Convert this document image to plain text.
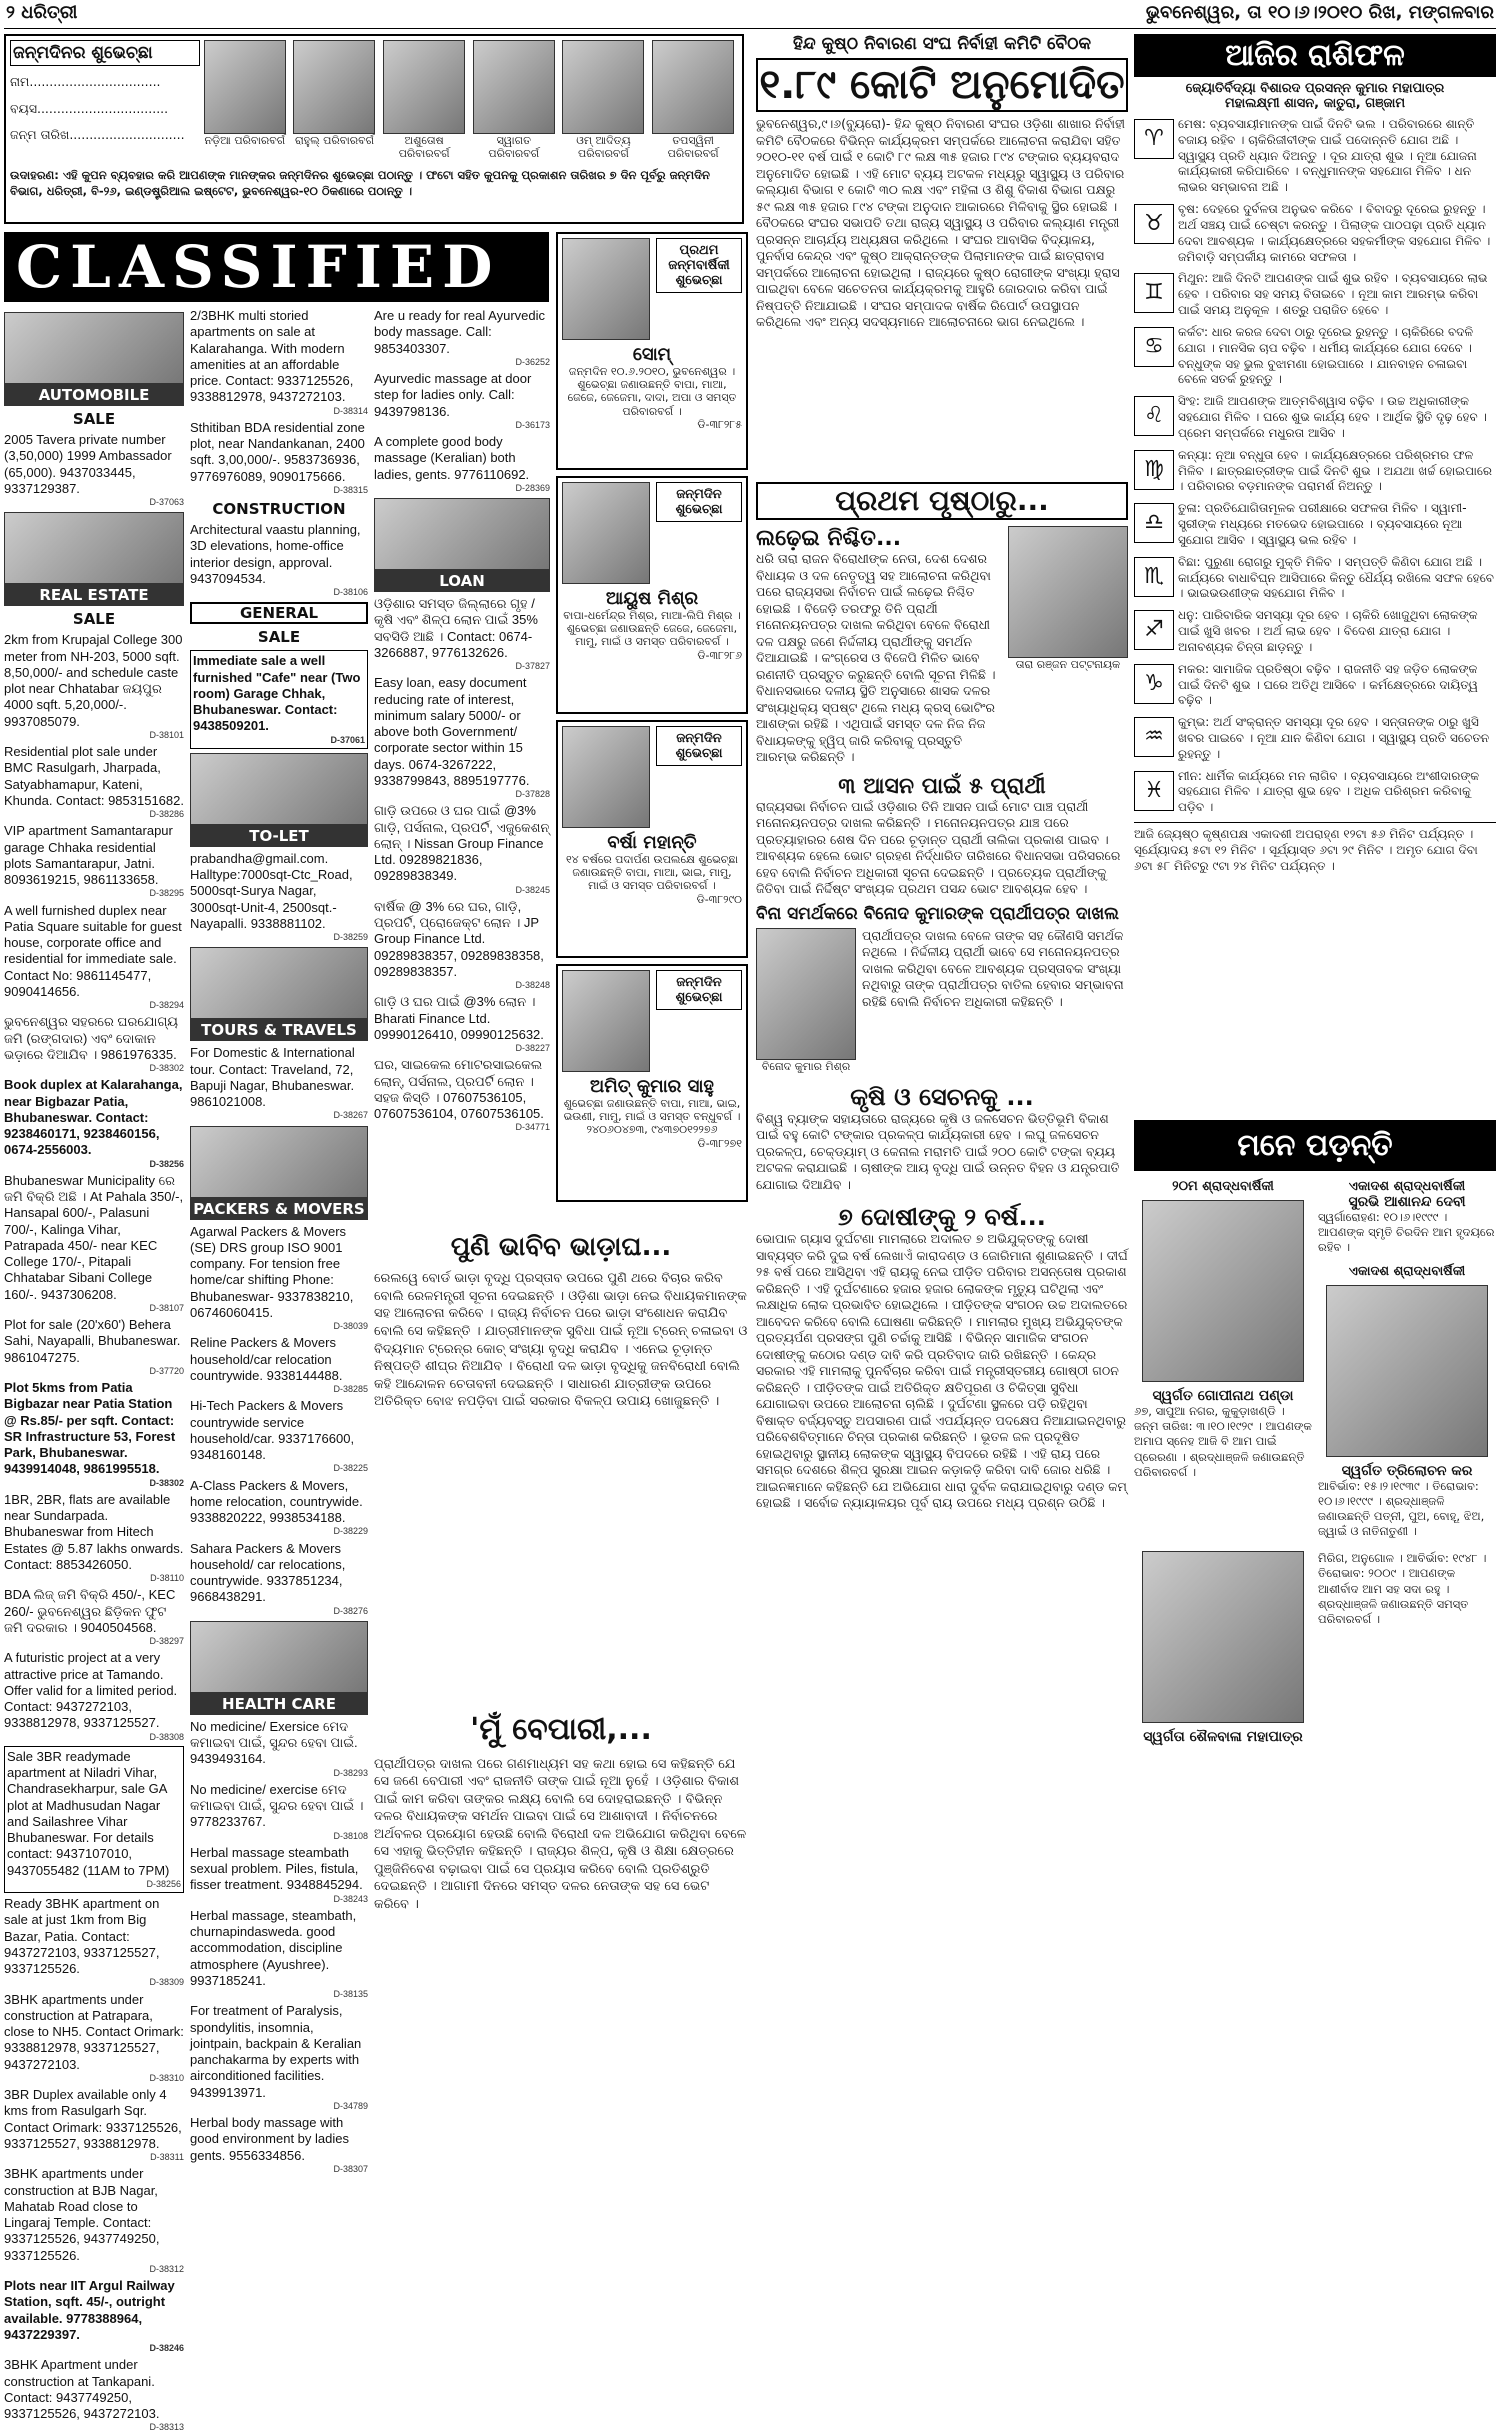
୨ ଧରିତ୍ରୀ	ଭୁବନେଶ୍ୱର, ତା ୧୦।୬।୨୦୧୦ ରିଖ, ମଙ୍ଗଳବାର
ଜନ୍ମଦିନର ଶୁଭେଚ୍ଛା
ନାମ.................................
ବୟସ.................................
ଜନ୍ମ ତାରିଖ.............................	ନଡ଼ିଆ ପରିବାରବର୍ଗ ରାହୁଲ୍ ପରିବାରବର୍ଗ	ଅଶୁତୋଷ ପରିବାରବର୍ଗ
ସ୍ୱାଗତ ପରିବାରବର୍ଗ
ଓମ୍ ଆଦିତ୍ୟ ପରିବାରବର୍ଗ
ତପସ୍ୱିନୀ ପରିବାରବର୍ଗ
ଉଦାହରଣ: ଏହି କୁପନ ବ୍ୟବହାର କରି ଆପଣଙ୍କ ମାନଙ୍କର ଜନ୍ମଦିନର ଶୁଭେଚ୍ଛା ପଠାନ୍ତୁ । ଫଟୋ ସହିତ କୁପନକୁ ପ୍ରକାଶନ ତାରିଖର ୭ ଦିନ ପୂର୍ବରୁ ଜନ୍ମଦିନ ବିଭାଗ, ଧରିତ୍ରୀ, ବି-୨୬, ଇଣ୍ଡଷ୍ଟ୍ରିଆଲ ଇଷ୍ଟେଟ, ଭୁବନେଶ୍ୱର-୧୦ ଠିକଣାରେ ପଠାନ୍ତୁ ।
CLASSIFIED
AUTOMOBILE
SALE
2005 Tavera private number (3,50,000) 1999 Ambassador (65,000). 9437033445, 9337129387.
D-37063
REAL ESTATE
SALE
2km from Krupajal College 300 meter from NH-203, 5000 sqft. 8,50,000/- and schedule caste plot near Chhatabar ଜୟପୁର 4000 sqft. 5,20,000/-. 9937085079.
D-38101
Residential plot sale under BMC Rasulgarh, Jharpada, Satyabhamapur, Kateni, Khunda. Contact: 9853151682.
D-38286
VIP apartment Samantarapur garage Chhaka residential plots Samantarapur, Jatni. 8093619215, 9861133658.
D-38295
A well furnished duplex near Patia Square suitable for guest house, corporate office and residential for immediate sale. Contact No: 9861145477, 9090414656.
D-38294
ଭୁବନେଶ୍ୱର ସହରରେ ଘରଯୋଗ୍ୟ ଜମି (ରଙ୍ଗଦାର) ଏବଂ ଦୋକାନ ଭଡ଼ାରେ ଦିଆଯିବ । 9861976335.
D-38302
Book duplex at Kalarahanga, near Bigbazar Patia, Bhubaneswar. Contact: 9238460171, 9238460156, 0674-2556003.
D-38256
Bhubaneswar Municipality ରେ ଜମି ବିକ୍ରି ଅଛି । At Pahala 350/-, Hansapal 600/-, Palasuni 700/-, Kalinga Vihar, Patrapada 450/- near KEC College 170/-, Pitapali Chhatabar Sibani College 160/-. 9437306208.
D-38107
Plot for sale (20'x60') Behera Sahi, Nayapalli, Bhubaneswar. 9861047275.
D-37720
Plot 5kms from Patia Bigbazar near Patia Station @ Rs.85/- per sqft. Contact: SR Infrastructure 53, Forest Park, Bhubaneswar. 9439914048, 9861995518.
D-38302
1BR, 2BR, flats are available near Sundarpada. Bhubaneswar from Hitech Estates @ 5.87 lakhs onwards. Contact: 8853426050.
D-38110
BDA ଲିଜ୍ ଜମି ବିକ୍ରି 450/-, KEC 260/- ଭୁବନେଶ୍ୱର ଛିଡ଼ିକନ ଫୁଟ ଜମି ଦରକାର । 9040504568.
D-38297
A futuristic project at a very attractive price at Tamando. Offer valid for a limited period. Contact: 9437272103, 9338812978, 9337125527.
D-38308
Sale 3BR readymade apartment at Niladri Vihar, Chandrasekharpur, sale GA plot at Madhusudan Nagar and Sailashree Vihar Bhubaneswar. For details contact: 9437107010, 9437055482 (11AM to 7PM)
D-38256
Ready 3BHK apartment on sale at just 1km from Big Bazar, Patia. Contact: 9437272103, 9337125527, 9337125526.
D-38309
3BHK apartments under construction at Patrapara, close to NH5. Contact Orimark: 9338812978, 9337125527, 9437272103.
D-38310
3BR Duplex available only 4 kms from Rasulgarh Sqr. Contact Orimark: 9337125526, 9337125527, 9338812978.
D-38311
3BHK apartments under construction at BJB Nagar, Mahatab Road close to Lingaraj Temple. Contact: 9337125526, 9437749250, 9337125526.
D-38312
Plots near IIT Argul Railway Station, sqft. 45/-, outright available. 9778388964, 9437229397.
D-38246
3BHK Apartment under construction at Tankapani. Contact: 9437749250, 9337125526, 9437272103.
D-38313
2/3BHK multi storied apartments on sale at Kalarahanga. With modern amenities at an affordable price. Contact: 9337125526, 9338812978, 9437272103.
D-38314
Sthitiban BDA residential zone plot, near Nandankanan, 2400 sqft. 3,00,000/-. 9583736936, 9776976089, 9090175666.
D-38315
CONSTRUCTION
Architectural vaastu planning, 3D elevations, home-office interior design, approval. 9437094534.
D-38106
GENERAL
SALE
Immediate sale a well furnished "Cafe" near (Two room) Garage Chhak, Bhubaneswar. Contact: 9438509201.
D-37061
TO-LET
prabandha@gmail.com. Halltype:7000sqt-Ctc_Road, 5000sqt-Surya Nagar, 3000sqt-Unit-4, 2500sqt.- Nayapalli. 9338881102.
D-38259
TOURS & TRAVELS
For Domestic & International tour. Contact: Traveland, 72, Bapuji Nagar, Bhubaneswar. 9861021008.
D-38267
PACKERS & MOVERS
Agarwal Packers & Movers (SE) DRS group ISO 9001 company. For tension free home/car shifting Phone: Bhubaneswar- 9337838210, 06746060415.
D-38039
Reline Packers & Movers household/car relocation countrywide. 9338144488.
D-38285
Hi-Tech Packers & Movers countrywide service household/car. 9337176600, 9348160148.
D-38225
A-Class Packers & Movers, home relocation, countrywide. 9338820222, 9938534188.
D-38229
Sahara Packers & Movers household/ car relocations, countrywide. 9337851234, 9668438291.
D-38276
HEALTH CARE
No medicine/ Exersice ମେଦ କମାଇବା ପାଇଁ, ସୁନ୍ଦର ହେବା ପାଇଁ. 9439493164.
D-38293
No medicine/ exercise ମେଦ କମାଇବା ପାଇଁ, ସୁନ୍ଦର ହେବା ପାଇଁ । 9778233767.
D-38108
Herbal massage steambath sexual problem. Piles, fistula, fisser treatment. 9348845294.
D-38243
Herbal massage, steambath, churnapindaswedа. good accommodation, discipline atmosphere (Ayushree). 9937185241.
D-38135
For treatment of Paralysis, spondylitis, insomnia, jointpain, backpain & Keralian panchakarma by experts with airconditioned facilities. 9439913971.
D-34789
Herbal body massage with good environment by ladies gents. 9556334856.
D-38307
Are u ready for real Ayurvedic body massage. Call: 9853403307.
D-36252
Ayurvedic massage at door step for ladies only. Call: 9439798136.
D-36173
A complete good body massage (Keralian) both ladies, gents. 9776110692.
D-28369
LOAN
ଓଡ଼ିଶାର ସମସ୍ତ ଜିଲ୍ଲାରେ ଗୃହ / କୃଷି ଏବଂ ଶିଳ୍ପ ଲୋନ ପାଇଁ 35% ସବସିଡି ଆଛି । Contact: 0674-3266887, 9776132626.
D-37827
Easy loan, easy document reducing rate of interest, minimum salary 5000/- or above both Government/ corporate sector within 15 days. 0674-3267222, 9338799843, 8895197776.
D-37828
ଗାଡ଼ି ଉପରେ ଓ ଘର ପାଇଁ @3% ଗାଡ଼ି, ପର୍ସନାଲ, ପ୍ରପର୍ଟି, ଏଜୁକେଶନ୍ ଲୋନ୍ । Nissan Group Finance Ltd. 09289821836, 09289838349.
D-38245
ବାର୍ଷିକ @ 3% ରେ ଘର, ଗାଡ଼ି, ପ୍ରପର୍ଟି, ପ୍ରୋଜେକ୍ଟ ଲୋନ । JP Group Finance Ltd. 09289838357, 09289838358, 09289838357.
D-38248
ଗାଡ଼ି ଓ ଘର ପାଇଁ @3% ଲୋନ । Bharati Finance Ltd. 09990126410, 09990125632.
D-38227
ଘର, ସାଇକେଲ ମୋଟରସାଇକେଲ ଲୋନ୍, ପର୍ସନାଲ, ପ୍ରପର୍ଟି ଲୋନ । ସହଜ କିସ୍ତି । 07607536105, 07607536104, 07607536105.
D-34771
ପ୍ରଥମ ଜନ୍ମବାର୍ଷିକୀ ଶୁଭେଚ୍ଛା
ସୋମ୍
ଜନ୍ମଦିନ ୧୦.୬.୨୦୧୦, ଭୁବନେଶ୍ୱର । ଶୁଭେଚ୍ଛା ଜଣାଉଛନ୍ତି ବାପା, ମାଆ, ଜେଜେ, ଜେଜେମା, ଦାଦା, ଅପା ଓ ସମସ୍ତ ପରିବାରବର୍ଗ ।
ଡି-୩୮୨୮୫
ଜନ୍ମଦିନ ଶୁଭେଚ୍ଛା
ଆୟୁଷ ମିଶ୍ର
ବାପା-ଧର୍ମେନ୍ଦ୍ର ମିଶ୍ର, ମାଆ-ଲିପି ମିଶ୍ର । ଶୁଭେଚ୍ଛା ଜଣାଉଛନ୍ତି ଜେଜେ, ଜେଜେମା, ମାମୁ, ମାଇଁ ଓ ସମସ୍ତ ପରିବାରବର୍ଗ ।
ଡି-୩୮୨୮୬
ଜନ୍ମଦିନ ଶୁଭେଚ୍ଛା
ବର୍ଷା ମହାନ୍ତି
୧୪ ବର୍ଷରେ ପଦାର୍ପଣ ଉପଲକ୍ଷେ ଶୁଭେଚ୍ଛା ଜଣାଉଛନ୍ତି ବାପା, ମାଆ, ଭାଇ, ମାମୁ, ମାଇଁ ଓ ସମସ୍ତ ପରିବାରବର୍ଗ ।
ଡି-୩୮୨୯୦
ଜନ୍ମଦିନ ଶୁଭେଚ୍ଛା
ଅମିତ୍ କୁମାର ସାହୁ
ଶୁଭେଚ୍ଛା ଜଣାଉଛନ୍ତି ବାପା, ମାଆ, ଭାଇ, ଭଉଣୀ, ମାମୁ, ମାଇଁ ଓ ସମସ୍ତ ବନ୍ଧୁବର୍ଗ । ୨୪୦୬୦୪୭୩, ୯୪୩୭୦୧୨୨୭୬
ଡି-୩୮୨୭୧
ପୁଣି ଭାବିବ ଭାଡ଼ାଘ...
ରେଲୱେ ବୋର୍ଡ ଭାଡ଼ା ବୃଦ୍ଧି ପ୍ରସ୍ତାବ ଉପରେ ପୁଣି ଥରେ ବିଚାର କରିବ ବୋଲି ରେଳମନ୍ତ୍ରୀ ସୂଚନା ଦେଇଛନ୍ତି । ଓଡ଼ିଶା ଭାଡ଼ା ନେଇ ବିଧାୟକମାନଙ୍କ ସହ ଆଲୋଚନା କରିବେ । ରାଜ୍ୟ ନିର୍ବାଚନ ପରେ ଭାଡ଼ା ସଂଶୋଧନ କରାଯିବ ବୋଲି ସେ କହିଛନ୍ତି । ଯାତ୍ରୀମାନଙ୍କ ସୁବିଧା ପାଇଁ ନୂଆ ଟ୍ରେନ୍ ଚଳାଇବା ଓ ବିଦ୍ୟମାନ ଟ୍ରେନ୍‌ର କୋଚ୍ ସଂଖ୍ୟା ବୃଦ୍ଧି କରାଯିବ । ଏନେଇ ଚୂଡ଼ାନ୍ତ ନିଷ୍ପତ୍ତି ଶୀଘ୍ର ନିଆଯିବ । ବିରୋଧୀ ଦଳ ଭାଡ଼ା ବୃଦ୍ଧିକୁ ଜନବିରୋଧୀ ବୋଲି କହି ଆନ୍ଦୋଳନ ଚେତାବନୀ ଦେଇଛନ୍ତି । ସାଧାରଣ ଯାତ୍ରୀଙ୍କ ଉପରେ ଅତିରିକ୍ତ ବୋଝ ନପଡ଼ିବା ପାଇଁ ସରକାର ବିକଳ୍ପ ଉପାୟ ଖୋଜୁଛନ୍ତି ।
'ମୁଁ ବେପାରୀ,...
ପ୍ରାର୍ଥୀପତ୍ର ଦାଖଲ ପରେ ଗଣମାଧ୍ୟମ ସହ କଥା ହୋଇ ସେ କହିଛନ୍ତି ଯେ ସେ ଜଣେ ବେପାରୀ ଏବଂ ରାଜନୀତି ତାଙ୍କ ପାଇଁ ନୂଆ ନୁହେଁ । ଓଡ଼ିଶାର ବିକାଶ ପାଇଁ କାମ କରିବା ତାଙ୍କର ଲକ୍ଷ୍ୟ ବୋଲି ସେ ଦୋହରାଇଛନ୍ତି । ବିଭିନ୍ନ ଦଳର ବିଧାୟକଙ୍କ ସମର୍ଥନ ପାଇବା ପାଇଁ ସେ ଆଶାବାଦୀ । ନିର୍ବାଚନରେ ଅର୍ଥବଳର ପ୍ରୟୋଗ ହେଉଛି ବୋଲି ବିରୋଧୀ ଦଳ ଅଭିଯୋଗ କରିଥିବା ବେଳେ ସେ ଏହାକୁ ଭିତ୍ତିହୀନ କହିଛନ୍ତି । ରାଜ୍ୟର ଶିଳ୍ପ, କୃଷି ଓ ଶିକ୍ଷା କ୍ଷେତ୍ରରେ ପୁଞ୍ଜିନିବେଶ ବଢ଼ାଇବା ପାଇଁ ସେ ପ୍ରୟାସ କରିବେ ବୋଲି ପ୍ରତିଶ୍ରୁତି ଦେଇଛନ୍ତି । ଆଗାମୀ ଦିନରେ ସମସ୍ତ ଦଳର ନେତାଙ୍କ ସହ ସେ ଭେଟ କରିବେ ।
ହିନ୍ଦ କୁଷ୍ଠ ନିବାରଣ ସଂଘ ନିର୍ବାହୀ କମିଟି ବୈଠକ
୧.୮୯ କୋଟି ଅନୁମୋଦିତ
ଭୁବନେଶ୍ୱର,୯।୬(ବ୍ୟୁରୋ)- ହିନ୍ଦ କୁଷ୍ଠ ନିବାରଣ ସଂଘର ଓଡ଼ିଶା ଶାଖାର ନିର୍ବାହୀ କମିଟି ବୈଠକରେ ବିଭିନ୍ନ କାର୍ଯ୍ୟକ୍ରମ ସମ୍ପର୍କରେ ଆଲୋଚନା କରାଯିବା ସହିତ ୨୦୧୦-୧୧ ବର୍ଷ ପାଇଁ ୧ କୋଟି ୮୯ ଲକ୍ଷ ୩୫ ହଜାର ୮୯୪ ଟଙ୍କାର ବ୍ୟୟବରାଦ ଅନୁମୋଦିତ ହୋଇଛି । ଏହି ମୋଟ ବ୍ୟୟ ଅଟକଳ ମଧ୍ୟରୁ ସ୍ୱାସ୍ଥ୍ୟ ଓ ପରିବାର କଲ୍ୟାଣ ବିଭାଗ ୧ କୋଟି ୩୦ ଲକ୍ଷ ଏବଂ ମହିଳା ଓ ଶିଶୁ ବିକାଶ ବିଭାଗ ପକ୍ଷରୁ ୫୯ ଲକ୍ଷ ୩୫ ହଜାର ୮୯୪ ଟଙ୍କା ଅନୁଦାନ ଆକାରରେ ମିଳିବାକୁ ସ୍ଥିର ହୋଇଛି । ବୈଠକରେ ସଂଘର ସଭାପତି ତଥା ରାଜ୍ୟ ସ୍ୱାସ୍ଥ୍ୟ ଓ ପରିବାର କଲ୍ୟାଣ ମନ୍ତ୍ରୀ ପ୍ରସନ୍ନ ଆଚାର୍ଯ୍ୟ ଅଧ୍ୟକ୍ଷତା କରିଥିଲେ । ସଂଘର ଆବାସିକ ବିଦ୍ୟାଳୟ, ପୁନର୍ବାସ କେନ୍ଦ୍ର ଏବଂ କୁଷ୍ଠ ଆକ୍ରାନ୍ତଙ୍କ ପିଲାମାନଙ୍କ ପାଇଁ ଛାତ୍ରାବାସ ସମ୍ପର୍କରେ ଆଲୋଚନା ହୋଇଥିଲା । ରାଜ୍ୟରେ କୁଷ୍ଠ ରୋଗୀଙ୍କ ସଂଖ୍ୟା ହ୍ରାସ ପାଇଥିବା ବେଳେ ସଚେତନତା କାର୍ଯ୍ୟକ୍ରମକୁ ଆହୁରି ଜୋରଦାର କରିବା ପାଇଁ ନିଷ୍ପତ୍ତି ନିଆଯାଇଛି । ସଂଘର ସମ୍ପାଦକ ବାର୍ଷିକ ରିପୋର୍ଟ ଉପସ୍ଥାପନ କରିଥିଲେ ଏବଂ ଅନ୍ୟ ସଦସ୍ୟମାନେ ଆଲୋଚନାରେ ଭାଗ ନେଇଥିଲେ ।
ପ୍ରଥମ ପୃଷ୍ଠାରୁ...
ଲଢ଼େଇ ନିଶ୍ଚିତ...
ଧରି ତାରା ରାଜନ ବିରୋଧୀଙ୍କ ନେତା, ଦେଶ ଦେଶର ବିଧାୟକ ଓ ଦଳ ନେତୃତ୍ୱ ସହ ଆଲୋଚନା କରିଥିବା ପରେ ରାଜ୍ୟସଭା ନିର୍ବାଚନ ପାଇଁ ଲଢ଼େଇ ନିଶ୍ଚିତ ହୋଇଛି । ବିଜେଡ଼ି ତରଫରୁ ତିନି ପ୍ରାର୍ଥୀ ମନୋନୟନପତ୍ର ଦାଖଲ କରିଥିବା ବେଳେ ବିରୋଧୀ ଦଳ ପକ୍ଷରୁ ଜଣେ ନିର୍ଦ୍ଦଳୀୟ ପ୍ରାର୍ଥୀଙ୍କୁ ସମର୍ଥନ ଦିଆଯାଇଛି । କଂଗ୍ରେସ ଓ ବିଜେପି ମିଳିତ ଭାବେ ରଣନୀତି ପ୍ରସ୍ତୁତ କରୁଛନ୍ତି ବୋଲି ସୂଚନା ମିଳିଛି । ବିଧାନସଭାରେ ଦଳୀୟ ସ୍ଥିତି ଅନୁସାରେ ଶାସକ ଦଳର ସଂଖ୍ୟାଧିକ୍ୟ ସ୍ପଷ୍ଟ ଥିଲେ ମଧ୍ୟ କ୍ରସ୍ ଭୋଟିଂର ଆଶଙ୍କା ରହିଛି । ଏଥିପାଇଁ ସମସ୍ତ ଦଳ ନିଜ ନିଜ ବିଧାୟକଙ୍କୁ ହ୍ୱିପ୍ ଜାରି କରିବାକୁ ପ୍ରସ୍ତୁତି ଆରମ୍ଭ କରିଛନ୍ତି ।
ତାରା ରଞ୍ଜନ ପଟ୍ଟନାୟକ
୩ ଆସନ ପାଇଁ ୫ ପ୍ରାର୍ଥୀ
ରାଜ୍ୟସଭା ନିର୍ବାଚନ ପାଇଁ ଓଡ଼ିଶାର ତିନି ଆସନ ପାଇଁ ମୋଟ ପାଞ୍ଚ ପ୍ରାର୍ଥୀ ମନୋନୟନପତ୍ର ଦାଖଲ କରିଛନ୍ତି । ମନୋନୟନପତ୍ର ଯାଞ୍ଚ ପରେ ପ୍ରତ୍ୟାହାରର ଶେଷ ଦିନ ପରେ ଚୂଡ଼ାନ୍ତ ପ୍ରାର୍ଥୀ ତାଲିକା ପ୍ରକାଶ ପାଇବ । ଆବଶ୍ୟକ ହେଲେ ଭୋଟ ଗ୍ରହଣ ନିର୍ଦ୍ଧାରିତ ତାରିଖରେ ବିଧାନସଭା ପରିସରରେ ହେବ ବୋଲି ନିର୍ବାଚନ ଅଧିକାରୀ ସୂଚନା ଦେଇଛନ୍ତି । ପ୍ରତ୍ୟେକ ପ୍ରାର୍ଥୀଙ୍କୁ ଜିତିବା ପାଇଁ ନିର୍ଦ୍ଦିଷ୍ଟ ସଂଖ୍ୟକ ପ୍ରଥମ ପସନ୍ଦ ଭୋଟ ଆବଶ୍ୟକ ହେବ ।
ବିନା ସମର୍ଥକରେ ବିନୋଦ କୁମାରଙ୍କ ପ୍ରାର୍ଥୀପତ୍ର ଦାଖଲ
ବିନୋଦ କୁମାର ମିଶ୍ର
ପ୍ରାର୍ଥୀପତ୍ର ଦାଖଲ ବେଳେ ତାଙ୍କ ସହ କୌଣସି ସମର୍ଥକ ନଥିଲେ । ନିର୍ଦ୍ଦଳୀୟ ପ୍ରାର୍ଥୀ ଭାବେ ସେ ମନୋନୟନପତ୍ର ଦାଖଲ କରିଥିବା ବେଳେ ଆବଶ୍ୟକ ପ୍ରସ୍ତାବକ ସଂଖ୍ୟା ନଥିବାରୁ ତାଙ୍କ ପ୍ରାର୍ଥୀପତ୍ର ବାତିଲ ହେବାର ସମ୍ଭାବନା ରହିଛି ବୋଲି ନିର୍ବାଚନ ଅଧିକାରୀ କହିଛନ୍ତି ।
କୃଷି ଓ ସେଚନକୁ ...
ବିଶ୍ୱ ବ୍ୟାଙ୍କ ସହାୟତାରେ ରାଜ୍ୟରେ କୃଷି ଓ ଜଳସେଚନ ଭିତ୍ତିଭୂମି ବିକାଶ ପାଇଁ ବହୁ କୋଟି ଟଙ୍କାର ପ୍ରକଳ୍ପ କାର୍ଯ୍ୟକାରୀ ହେବ । ଲଘୁ ଜଳସେଚନ ପ୍ରକଳ୍ପ, ଚେକ୍‌ଡ୍ୟାମ୍ ଓ କେନାଲ ମରାମତି ପାଇଁ ୨୦୦ କୋଟି ଟଙ୍କା ବ୍ୟୟ ଅଟକଳ କରାଯାଇଛି । ଚାଷୀଙ୍କ ଆୟ ବୃଦ୍ଧି ପାଇଁ ଉନ୍ନତ ବିହନ ଓ ଯନ୍ତ୍ରପାତି ଯୋଗାଇ ଦିଆଯିବ ।
୭ ଦୋଷୀଙ୍କୁ ୨ ବର୍ଷ...
ଭୋପାଳ ଗ୍ୟାସ ଦୁର୍ଘଟଣା ମାମଲାରେ ଅଦାଲତ ୭ ଅଭିଯୁକ୍ତଙ୍କୁ ଦୋଷୀ ସାବ୍ୟସ୍ତ କରି ଦୁଇ ବର୍ଷ ଲେଖାଏଁ କାରାଦଣ୍ଡ ଓ ଜୋରିମାନା ଶୁଣାଇଛନ୍ତି । ଦୀର୍ଘ ୨୫ ବର୍ଷ ପରେ ଆସିଥିବା ଏହି ରାୟକୁ ନେଇ ପୀଡ଼ିତ ପରିବାର ଅସନ୍ତୋଷ ପ୍ରକାଶ କରିଛନ୍ତି । ଏହି ଦୁର୍ଘଟଣାରେ ହଜାର ହଜାର ଲୋକଙ୍କ ମୃତ୍ୟୁ ଘଟିଥିଲା ଏବଂ ଲକ୍ଷାଧିକ ଲୋକ ପ୍ରଭାବିତ ହୋଇଥିଲେ । ପୀଡ଼ିତଙ୍କ ସଂଗଠନ ଉଚ୍ଚ ଅଦାଲତରେ ଆବେଦନ କରିବେ ବୋଲି ଘୋଷଣା କରିଛନ୍ତି । ମାମଲାର ମୁଖ୍ୟ ଅଭିଯୁକ୍ତଙ୍କ ପ୍ରତ୍ୟର୍ପଣ ପ୍ରସଙ୍ଗ ପୁଣି ଚର୍ଚ୍ଚାକୁ ଆସିଛି । ବିଭିନ୍ନ ସାମାଜିକ ସଂଗଠନ ଦୋଷୀଙ୍କୁ କଠୋର ଦଣ୍ଡ ଦାବି କରି ପ୍ରତିବାଦ ଜାରି ରଖିଛନ୍ତି । କେନ୍ଦ୍ର ସରକାର ଏହି ମାମଲାକୁ ପୁନର୍ବିଚାର କରିବା ପାଇଁ ମନ୍ତ୍ରୀସ୍ତରୀୟ ଗୋଷ୍ଠୀ ଗଠନ କରିଛନ୍ତି । ପୀଡ଼ିତଙ୍କ ପାଇଁ ଅତିରିକ୍ତ କ୍ଷତିପୂରଣ ଓ ଚିକିତ୍ସା ସୁବିଧା ଯୋଗାଇବା ଉପରେ ଆଲୋଚନା ଚାଲିଛି । ଦୁର୍ଘଟଣା ସ୍ଥଳରେ ପଡ଼ି ରହିଥିବା ବିଷାକ୍ତ ବର୍ଜ୍ୟବସ୍ତୁ ଅପସାରଣ ପାଇଁ ଏପର୍ଯ୍ୟନ୍ତ ପଦକ୍ଷେପ ନିଆଯାଇନଥିବାରୁ ପରିବେଶବିତ୍‌ମାନେ ଚିନ୍ତା ପ୍ରକାଶ କରିଛନ୍ତି । ଭୂତଳ ଜଳ ପ୍ରଦୂଷିତ ହୋଇଥିବାରୁ ସ୍ଥାନୀୟ ଲୋକଙ୍କ ସ୍ୱାସ୍ଥ୍ୟ ବିପଦରେ ରହିଛି । ଏହି ରାୟ ପରେ ସମଗ୍ର ଦେଶରେ ଶିଳ୍ପ ସୁରକ୍ଷା ଆଇନ କଡ଼ାକଡ଼ି କରିବା ଦାବି ଜୋର ଧରିଛି । ଆଇନଜ୍ଞମାନେ କହିଛନ୍ତି ଯେ ଅଭିଯୋଗ ଧାରା ଦୁର୍ବଳ କରାଯାଇଥିବାରୁ ଦଣ୍ଡ କମ୍ ହୋଇଛି । ସର୍ବୋଚ୍ଚ ନ୍ୟାୟାଳୟର ପୂର୍ବ ରାୟ ଉପରେ ମଧ୍ୟ ପ୍ରଶ୍ନ ଉଠିଛି ।
ଆଜିର ରାଶିଫଳ
ଜ୍ୟୋତିର୍ବିଦ୍ୟା ବିଶାରଦ ପ୍ରସନ୍ନ କୁମାର ମହାପାତ୍ର
ମହାଲକ୍ଷ୍ମୀ ଶାସନ, କାତୁରା, ଗଞ୍ଜାମ
♈
ମେଷ: ବ୍ୟବସାୟୀମାନଙ୍କ ପାଇଁ ଦିନଟି ଭଲ । ପରିବାରରେ ଶାନ୍ତି ବଜାୟ ରହିବ । ଚାକିରିଜୀବୀଙ୍କ ପାଇଁ ପଦୋନ୍ନତି ଯୋଗ ଅଛି । ସ୍ୱାସ୍ଥ୍ୟ ପ୍ରତି ଧ୍ୟାନ ଦିଅନ୍ତୁ । ଦୂର ଯାତ୍ରା ଶୁଭ । ନୂଆ ଯୋଜନା କାର୍ଯ୍ୟକାରୀ କରିପାରିବେ । ବନ୍ଧୁମାନଙ୍କ ସହଯୋଗ ମିଳିବ । ଧନ ଲାଭର ସମ୍ଭାବନା ଅଛି ।
♉
ବୃଷ: ଦେହରେ ଦୁର୍ବଳତା ଅନୁଭବ କରିବେ । ବିବାଦରୁ ଦୂରେଇ ରୁହନ୍ତୁ । ଅର୍ଥ ସଞ୍ଚୟ ପାଇଁ ଚେଷ୍ଟା କରନ୍ତୁ । ପିଲାଙ୍କ ପାଠପଢ଼ା ପ୍ରତି ଧ୍ୟାନ ଦେବା ଆବଶ୍ୟକ । କାର୍ଯ୍ୟକ୍ଷେତ୍ରରେ ସହକର୍ମୀଙ୍କ ସହଯୋଗ ମିଳିବ । ଜମିବାଡ଼ି ସମ୍ପର୍କୀୟ କାମରେ ସଫଳତା ।
♊
ମିଥୁନ: ଆଜି ଦିନଟି ଆପଣଙ୍କ ପାଇଁ ଶୁଭ ରହିବ । ବ୍ୟବସାୟରେ ଲାଭ ହେବ । ପରିବାର ସହ ସମୟ ବିତାଇବେ । ନୂଆ କାମ ଆରମ୍ଭ କରିବା ପାଇଁ ସମୟ ଅନୁକୂଳ । ଶତ୍ରୁ ପରାଜିତ ହେବେ ।
♋
କର୍କଟ: ଧାର କରଜ ଦେବା ଠାରୁ ଦୂରେଇ ରୁହନ୍ତୁ । ଚାକିରିରେ ବଦଳି ଯୋଗ । ମାନସିକ ଚାପ ବଢ଼ିବ । ଧର୍ମୀୟ କାର୍ଯ୍ୟରେ ଯୋଗ ଦେବେ । ବନ୍ଧୁଙ୍କ ସହ ଭୁଲ ବୁଝାମଣା ହୋଇପାରେ । ଯାନବାହନ ଚଳାଇବା ବେଳେ ସତର୍କ ରୁହନ୍ତୁ ।
♌
ସିଂହ: ଆଜି ଆପଣଙ୍କ ଆତ୍ମବିଶ୍ୱାସ ବଢ଼ିବ । ଉଚ୍ଚ ଅଧିକାରୀଙ୍କ ସହଯୋଗ ମିଳିବ । ଘରେ ଶୁଭ କାର୍ଯ୍ୟ ହେବ । ଆର୍ଥିକ ସ୍ଥିତି ଦୃଢ଼ ହେବ । ପ୍ରେମ ସମ୍ପର୍କରେ ମଧୁରତା ଆସିବ ।
♍
କନ୍ୟା: ନୂଆ ବନ୍ଧୁତା ହେବ । କାର୍ଯ୍ୟକ୍ଷେତ୍ରରେ ପରିଶ୍ରମର ଫଳ ମିଳିବ । ଛାତ୍ରଛାତ୍ରୀଙ୍କ ପାଇଁ ଦିନଟି ଶୁଭ । ଅଯଥା ଖର୍ଚ୍ଚ ହୋଇପାରେ । ପରିବାରର ବଡ଼ମାନଙ୍କ ପରାମର୍ଶ ନିଅନ୍ତୁ ।
♎
ତୁଳା: ପ୍ରତିଯୋଗିତାମୂଳକ ପରୀକ୍ଷାରେ ସଫଳତା ମିଳିବ । ସ୍ୱାମୀ-ସ୍ତ୍ରୀଙ୍କ ମଧ୍ୟରେ ମତଭେଦ ହୋଇପାରେ । ବ୍ୟବସାୟରେ ନୂଆ ସୁଯୋଗ ଆସିବ । ସ୍ୱାସ୍ଥ୍ୟ ଭଲ ରହିବ ।
♏
ବିଛା: ପୁରୁଣା ରୋଗରୁ ମୁକ୍ତି ମିଳିବ । ସମ୍ପତ୍ତି କିଣିବା ଯୋଗ ଅଛି । କାର୍ଯ୍ୟରେ ବାଧାବିଘ୍ନ ଆସିପାରେ କିନ୍ତୁ ଧୈର୍ଯ୍ୟ ରଖିଲେ ସଫଳ ହେବେ । ଭାଇଭଉଣୀଙ୍କ ସହଯୋଗ ମିଳିବ ।
♐
ଧନୁ: ପାରିବାରିକ ସମସ୍ୟା ଦୂର ହେବ । ଚାକିରି ଖୋଜୁଥିବା ଲୋକଙ୍କ ପାଇଁ ଖୁସି ଖବର । ଅର୍ଥ ଲାଭ ହେବ । ବିଦେଶ ଯାତ୍ରା ଯୋଗ । ଅନାବଶ୍ୟକ ଚିନ୍ତା ଛାଡ଼ନ୍ତୁ ।
♑
ମକର: ସାମାଜିକ ପ୍ରତିଷ୍ଠା ବଢ଼ିବ । ରାଜନୀତି ସହ ଜଡ଼ିତ ଲୋକଙ୍କ ପାଇଁ ଦିନଟି ଶୁଭ । ଘରେ ଅତିଥି ଆସିବେ । କର୍ମକ୍ଷେତ୍ରରେ ଦାୟିତ୍ୱ ବଢ଼ିବ ।
♒
କୁମ୍ଭ: ଅର୍ଥ ସଂକ୍ରାନ୍ତ ସମସ୍ୟା ଦୂର ହେବ । ସନ୍ତାନଙ୍କ ଠାରୁ ଖୁସି ଖବର ପାଇବେ । ନୂଆ ଯାନ କିଣିବା ଯୋଗ । ସ୍ୱାସ୍ଥ୍ୟ ପ୍ରତି ସଚେତନ ରୁହନ୍ତୁ ।
♓
ମୀନ: ଧାର୍ମିକ କାର୍ଯ୍ୟରେ ମନ ଲାଗିବ । ବ୍ୟବସାୟରେ ଅଂଶୀଦାରଙ୍କ ସହଯୋଗ ମିଳିବ । ଯାତ୍ରା ଶୁଭ ହେବ । ଅଧିକ ପରିଶ୍ରମ କରିବାକୁ ପଡ଼ିବ ।
ଆଜି ଜ୍ୟେଷ୍ଠ କୃଷ୍ଣପକ୍ଷ ଏକାଦଶୀ ଅପରାହ୍ଣ ୧୨ଟା ୫୬ ମିନିଟ ପର୍ଯ୍ୟନ୍ତ । ସୂର୍ଯ୍ୟୋଦୟ ୫ଟା ୧୨ ମିନିଟ । ସୂର୍ଯ୍ୟାସ୍ତ ୬ଟା ୨୯ ମିନିଟ । ଅମୃତ ଯୋଗ ଦିବା ୬ଟା ୫୮ ମିନିଟରୁ ୯ଟା ୨୪ ମିନିଟ ପର୍ଯ୍ୟନ୍ତ ।
ମନେ ପଡ଼ନ୍ତି
୨୦ମ ଶ୍ରାଦ୍ଧବାର୍ଷିକୀ
ସ୍ୱର୍ଗତ ଗୋପୀନାଥ ପଣ୍ଡା
୬୭, ସାପୁଆ ନଗର, କୁକୁଡ଼ାଖଣ୍ଡି । ଜନ୍ମ ତାରିଖ: ୩।୧୦।୧୯୨୯ । ଆପଣଙ୍କ ଅମାପ ସ୍ନେହ ଆଜି ବି ଆମ ପାଇଁ ପ୍ରେରଣା । ଶ୍ରଦ୍ଧାଞ୍ଜଳି ଜଣାଉଛନ୍ତି ପରିବାରବର୍ଗ ।
ଏକାଦଶ ଶ୍ରାଦ୍ଧବାର୍ଷିକୀ
ସୁରଭି ଆଶାନନ୍ଦ ଦେବୀ
ସ୍ୱର୍ଗାରୋହଣ: ୧୦।୬।୧୯୯୯ । ଆପଣଙ୍କ ସ୍ମୃତି ଚିରଦିନ ଆମ ହୃଦୟରେ ରହିବ ।
ଏକାଦଶ ଶ୍ରାଦ୍ଧବାର୍ଷିକୀ
ସ୍ୱର୍ଗତ ତ୍ରିଲୋଚନ କର
ଆବିର୍ଭାବ: ୧୫।୨।୧୯୩୯ । ତିରୋଭାବ: ୧୦।୬।୧୯୯୯ । ଶ୍ରଦ୍ଧାଞ୍ଜଳି ଜଣାଉଛନ୍ତି ପତ୍ନୀ, ପୁଅ, ବୋହୂ, ଝିଅ, ଜ୍ୱାଇଁ ଓ ନାତିନାତୁଣୀ ।
ସ୍ୱର୍ଗତା ଶୈଳବାଳା ମହାପାତ୍ର
ମିରିଗ, ଅନୁଗୋଳ । ଆବିର୍ଭାବ: ୧୯୪୮ । ତିରୋଭାବ: ୨୦୦୯ । ଆପଣଙ୍କ ଆଶୀର୍ବାଦ ଆମ ସହ ସଦା ରହୁ । ଶ୍ରଦ୍ଧାଞ୍ଜଳି ଜଣାଉଛନ୍ତି ସମସ୍ତ ପରିବାରବର୍ଗ ।
